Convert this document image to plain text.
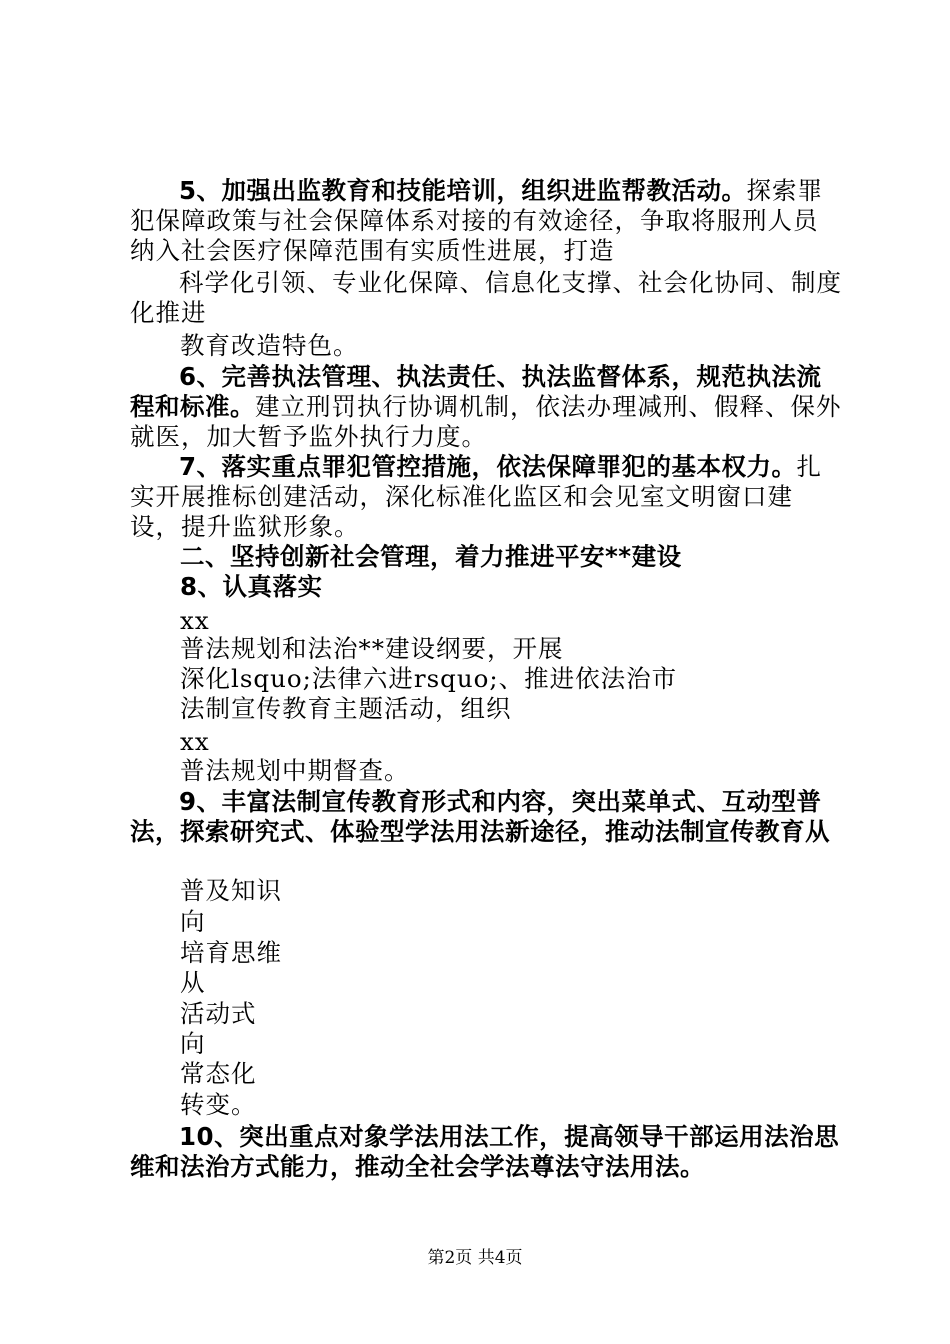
5、加强出监教育和技能培训，组织进监帮教活动。探索罪犯保障政策与社会保障体系对接的有效途径，争取将服刑人员纳入社会医疗保障范围有实质性进展，打造

科学化引领、专业化保障、信息化支撑、社会化协同、制度化推进

教育改造特色。

6、完善执法管理、执法责任、执法监督体系，规范执法流程和标准。建立刑罚执行协调机制，依法办理减刑、假释、保外就医，加大暂予监外执行力度。

7、落实重点罪犯管控措施，依法保障罪犯的基本权力。扎实开展推标创建活动，深化标准化监区和会见室文明窗口建设，提升监狱形象。

二、坚持创新社会管理，着力推进平安**建设

8、认真落实

xx

普法规划和法治**建设纲要，开展

深化lsquo;法律六进rsquo;、推进依法治市

法制宣传教育主题活动，组织

xx

普法规划中期督查。

9、丰富法制宣传教育形式和内容，突出菜单式、互动型普法，探索研究式、体验型学法用法新途径，推动法制宣传教育从

普及知识

向

培育思维

从

活动式

向

常态化

转变。

10、突出重点对象学法用法工作，提高领导干部运用法治思维和法治方式能力，推动全社会学法尊法守法用法。

第2页 共4页
